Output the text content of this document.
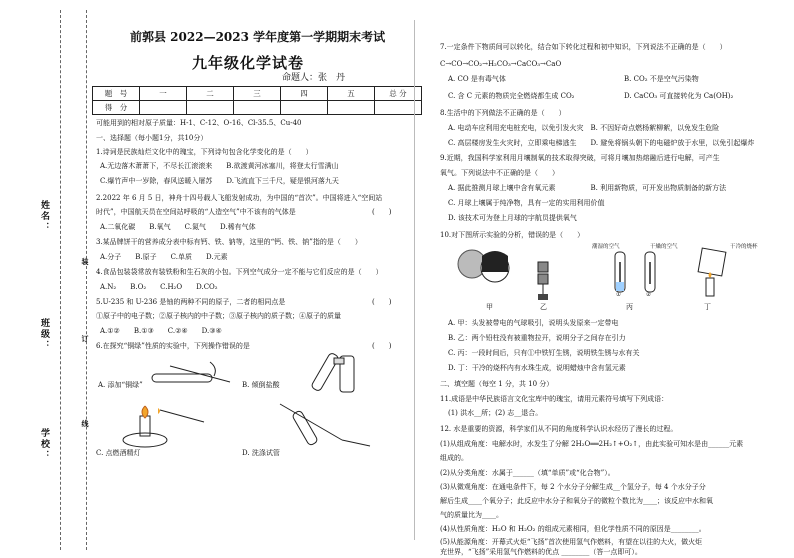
姓名：
班级：
学校：
装
订
线
前郭县 2022—2023 学年度第一学期期末考试
九年级化学试卷
命题人：张　丹
题　号	一	二	三	四	五	总 分
得　分						
可能用到的相对原子质量：H-1、C-12、O-16、Cl-35.5、Cu-40
一、选择题（每小题1分，共10分）
1.诗词是民族灿烂文化中的瑰宝，下列诗句包含化学变化的是（　　）
A.无边落木萧萧下，不尽长江滚滚来　　B.欲渡黄河冰塞川，将登太行雪满山
C.爆竹声中一岁除，春风送暖入屠苏　　D.飞流直下三千尺，疑是银河落九天
2.2022 年 6 月 5 日，神舟十四号载人飞船发射成功，为中国的“首次”。中国将进入“空间站
时代”，中国航天员在空间站呼吸的“人造空气”中不该有的气体是	(　　)
A.二氧化碳　　B.氧气　　C.氮气　　D.稀有气体
3.某品牌饼干的营养成分表中标有钙、铁、钠等，这里的“钙、铁、钠”指的是（　　）
A.分子　　B.原子　　C.单质　　D.元素
4.食品包装袋常放有装铁粉和生石灰的小包。下列空气成分一定不能与它们反应的是（　　）
A.N₂　　B.O₂　　C.H₂O　　D.CO₂
5.U-235 和 U-236 是铀的两种不同的原子，二者的相同点是	(　　)
①原子中的电子数；②原子核内的中子数；③原子核内的质子数；④原子的质量
A.①②　　B.①③　　C.②④　　D.③④
6.在探究“铜绿”性质的实验中，下列操作错误的是	(　　)
A. 添加“铜绿”	B. 倾倒盐酸
C. 点燃酒精灯	D. 洗涤试管
7.一定条件下物质间可以转化，结合如下转化过程和初中知识，下列说法不正确的是（　　）
C→CO→CO₂→H₂CO₃→CaCO₃→CaO
A. CO 是有毒气体	B. CO₂ 不是空气污染物
C. 含 C 元素的物质完全燃烧都生成 CO₂	D. CaCO₃ 可直接转化为 Ca(OH)₂
8.生活中的下列做法不正确的是（　　）
A. 电动车应利用充电桩充电，以免引发火灾　B. 不因好奇点燃杨絮柳絮，以免发生危险
C. 高层楼房发生火灾时，立即乘电梯逃生　　D. 避免将锅头朝下的电磁炉放于水里，以免引起爆炸
9.近期，我国科学家利用月壤制氧的技术取得突破，可将月壤加热熔融后进行电解，可产生
氧气。下列说法中不正确的是（　　）
A. 据此推测月球上壤中含有氧元素　　　　　B. 利用新物质，可开发出物质制备的新方法
C. 月球上壤属于纯净物，具有一定的实用利用价值
D. 该技术可为登上月球的宇航员提供氧气
10.对下图所示实验的分析，错误的是（　　）
甲	乙	丙	丁
潮湿的空气	干燥的空气	干冷的烧杯
①	②
A. 甲：头发被带电的气球吸引，说明头发原来一定带电
B. 乙：两个铅柱没有被重物拉开，说明分子之间存在引力
C. 丙：一段时间后，只有①中铁钉生锈，说明铁生锈与水有关
D. 丁：干冷的烧杯内有水珠生成，说明蜡烛中含有氢元素
二、填空题（每空 1 分，共 10 分）
11.成语是中华民族语言文化宝库中的瑰宝，请用元素符号填写下列成语：
(1) 洪水__所；(2) 志__退合。
12. 水是重要的资源，科学家们从不同的角度科学认识水经历了漫长的过程。
(1)从组成角度：电解水时，水发生了分解 2H₂O══2H₂↑+O₂↑，由此实验可知水是由______元素
组成的。
(2)从分类角度：水属于______（填“单质”或“化合物”）。
(3)从微观角度：在通电条件下，每 2 个水分子分解生成__个氢分子，每 4 个水分子分
解后生成____个氧分子；此反应中水分子和氧分子的微粒个数比为____；该反应中水和氧
气的质量比为____。
(4)从性质角度：H₂O 和 H₂O₂ 的组成元素相同，但化学性质不同的原因是________。
(5)从能源角度：开幕式火炬“飞扬”首次使用氢气作燃料，有望在以往的大火，做火炬
充世界，“飞扬”采用氢气作燃料的优点 ________（答一点即可）。
